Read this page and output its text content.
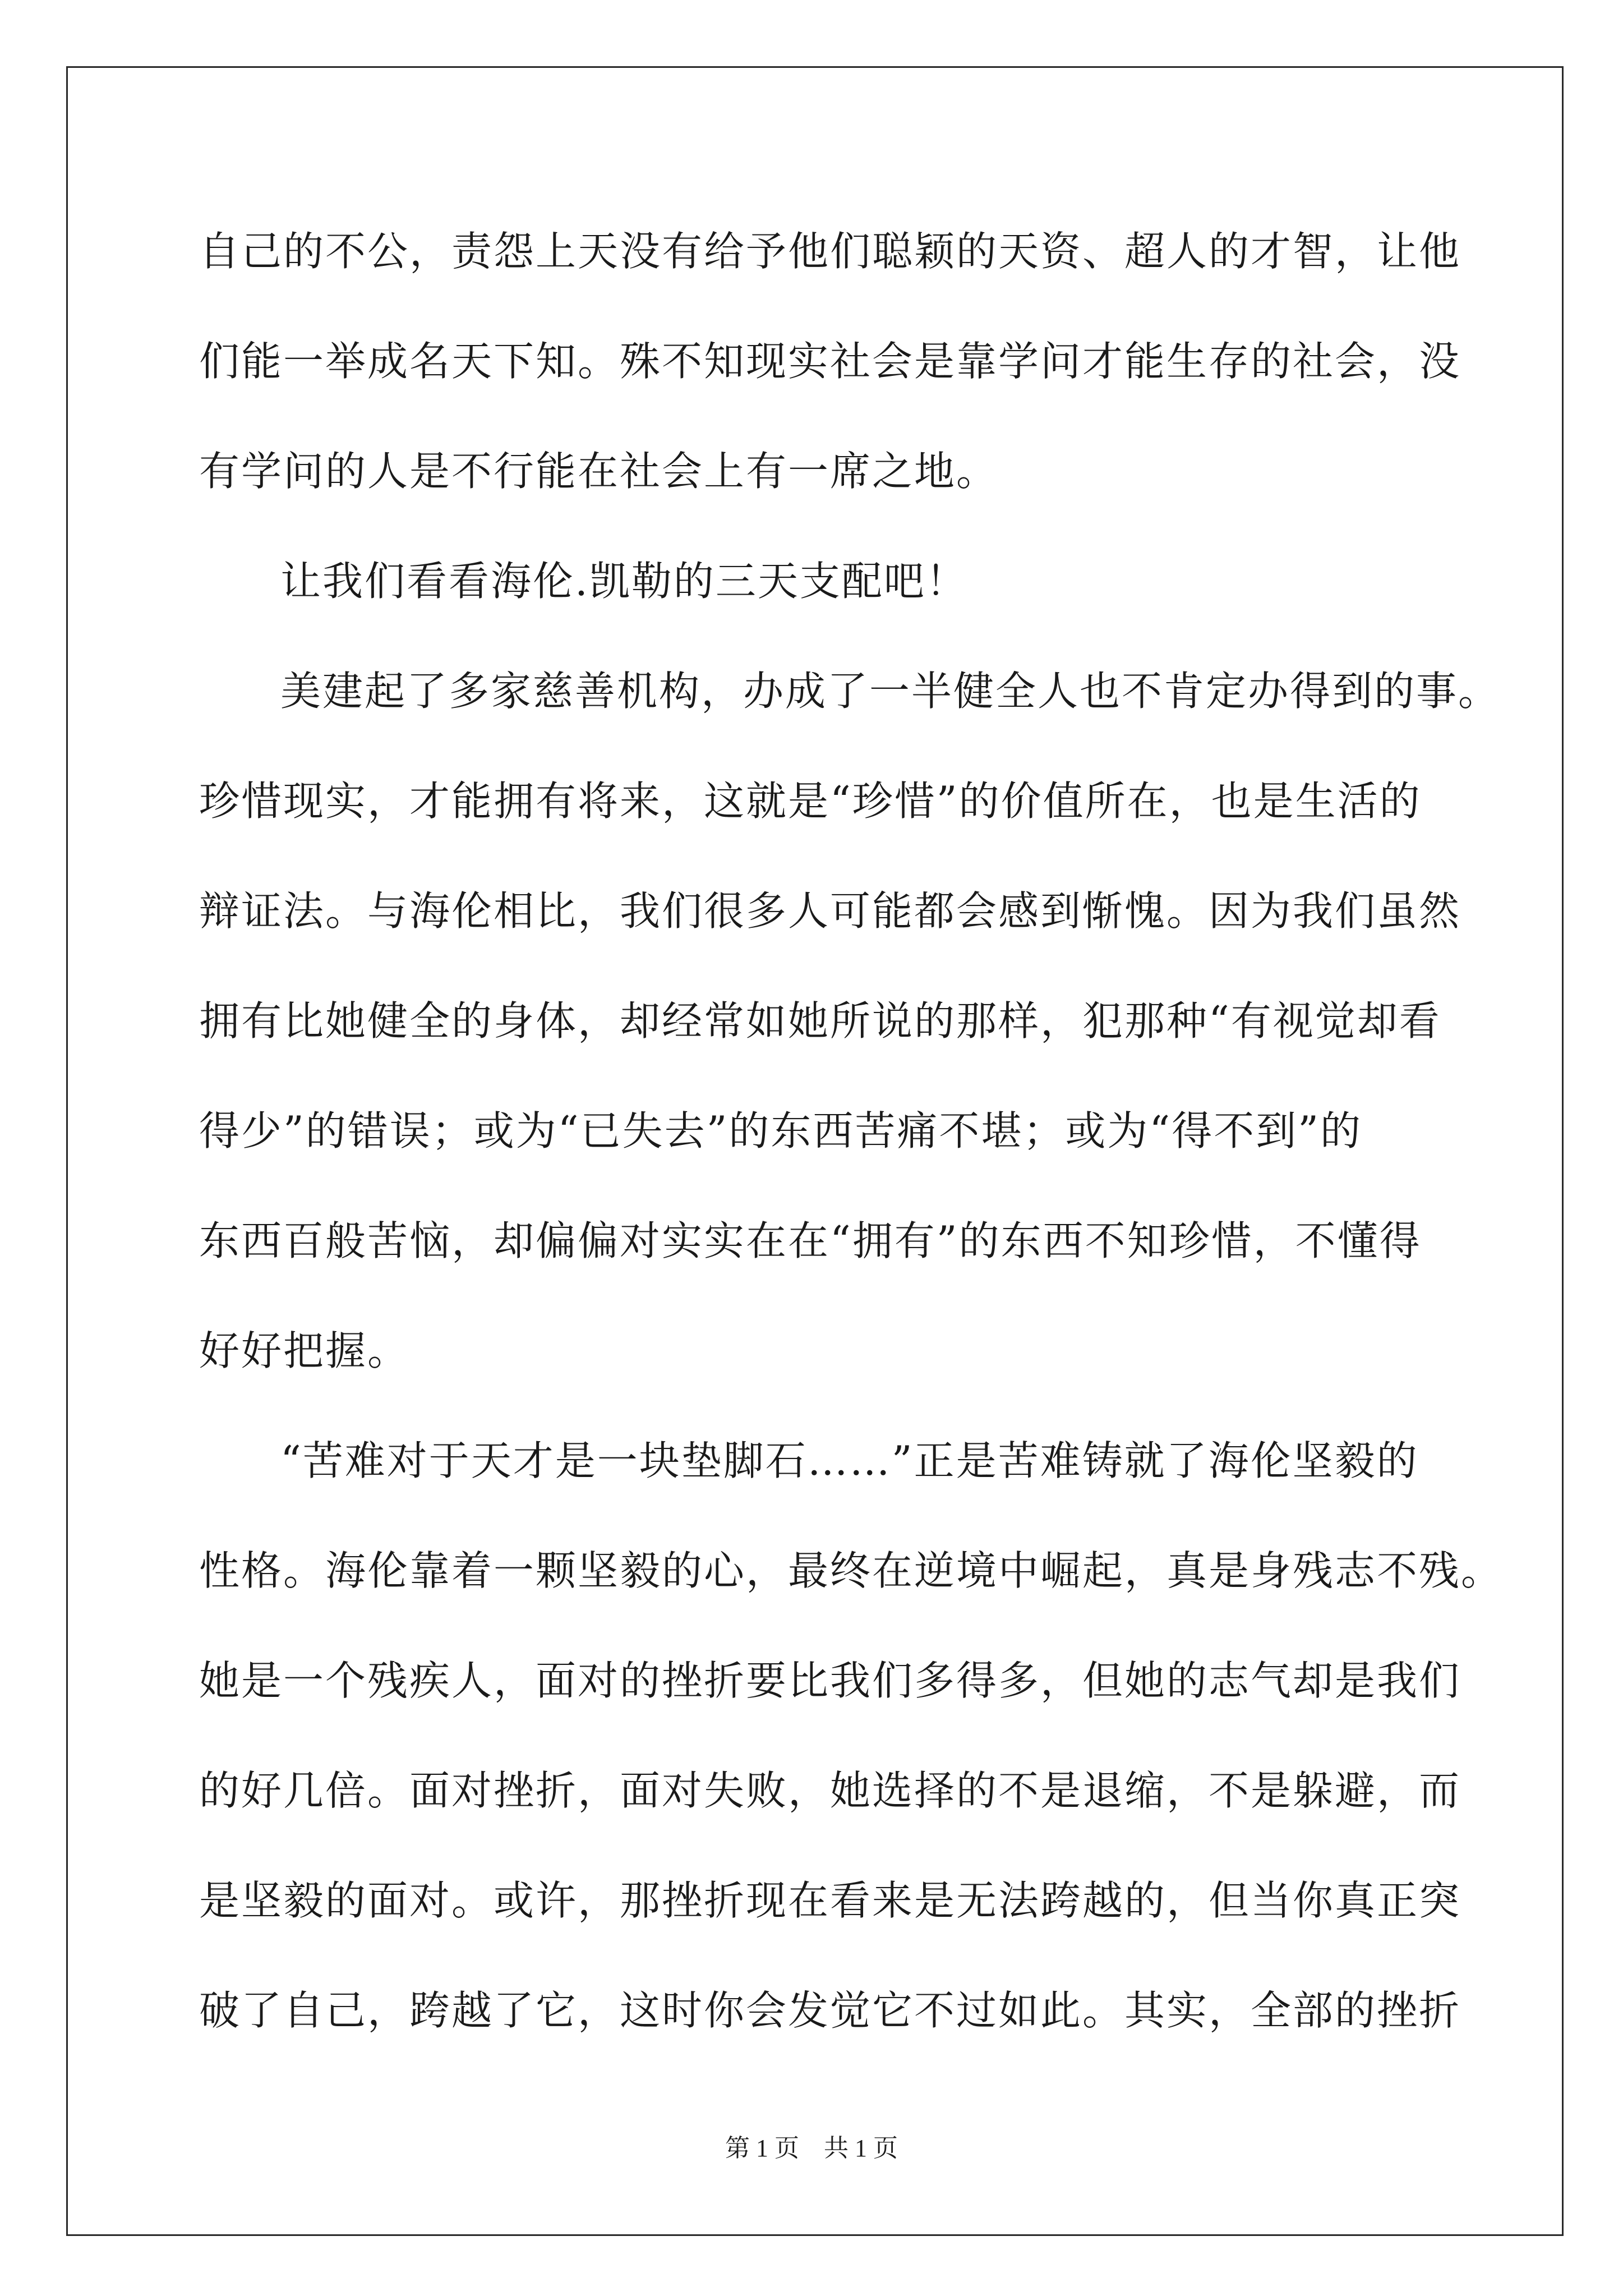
自己的不公，责怨上天没有给予他们聪颖的天资、超人的才智，让他
们能一举成名天下知。殊不知现实社会是靠学问才能生存的社会，没
有学问的人是不行能在社会上有一席之地。
让我们看看海伦.凯勒的三天支配吧！
美建起了多家慈善机构，办成了一半健全人也不肯定办得到的事。
珍惜现实，才能拥有将来，这就是“珍惜”的价值所在，也是生活的
辩证法。与海伦相比，我们很多人可能都会感到惭愧。因为我们虽然
拥有比她健全的身体，却经常如她所说的那样，犯那种“有视觉却看
得少”的错误；或为“已失去”的东西苦痛不堪；或为“得不到”的
东西百般苦恼，却偏偏对实实在在“拥有”的东西不知珍惜，不懂得
好好把握。
“苦难对于天才是一块垫脚石……”正是苦难铸就了海伦坚毅的
性格。海伦靠着一颗坚毅的心，最终在逆境中崛起，真是身残志不残。
她是一个残疾人，面对的挫折要比我们多得多，但她的志气却是我们
的好几倍。面对挫折，面对失败，她选择的不是退缩，不是躲避，而
是坚毅的面对。或许，那挫折现在看来是无法跨越的，但当你真正突
破了自己，跨越了它，这时你会发觉它不过如此。其实，全部的挫折
第 1 页    共 1 页
